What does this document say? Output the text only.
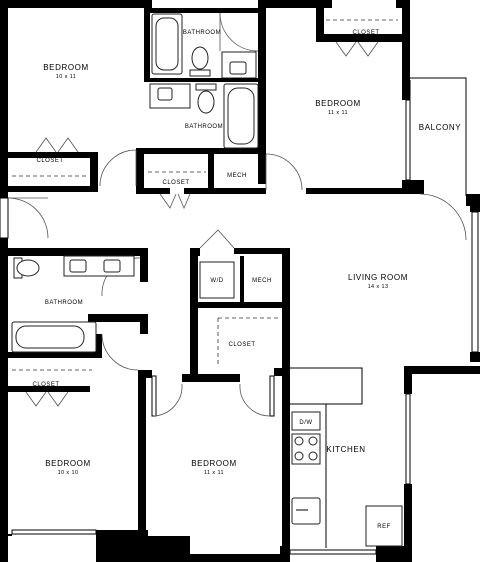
BEDROOM
10 x 11
BEDROOM
11 x 11
BALCONY
LIVING ROOM
14 x 13
KITCHEN
BEDROOM
10 x 10
BEDROOM
11 x 11
BATHROOM
BATHROOM
BATHROOM
CLOSET
CLOSET
CLOSET
CLOSET
CLOSET
MECH
MECH
W/D
D/W
REF
